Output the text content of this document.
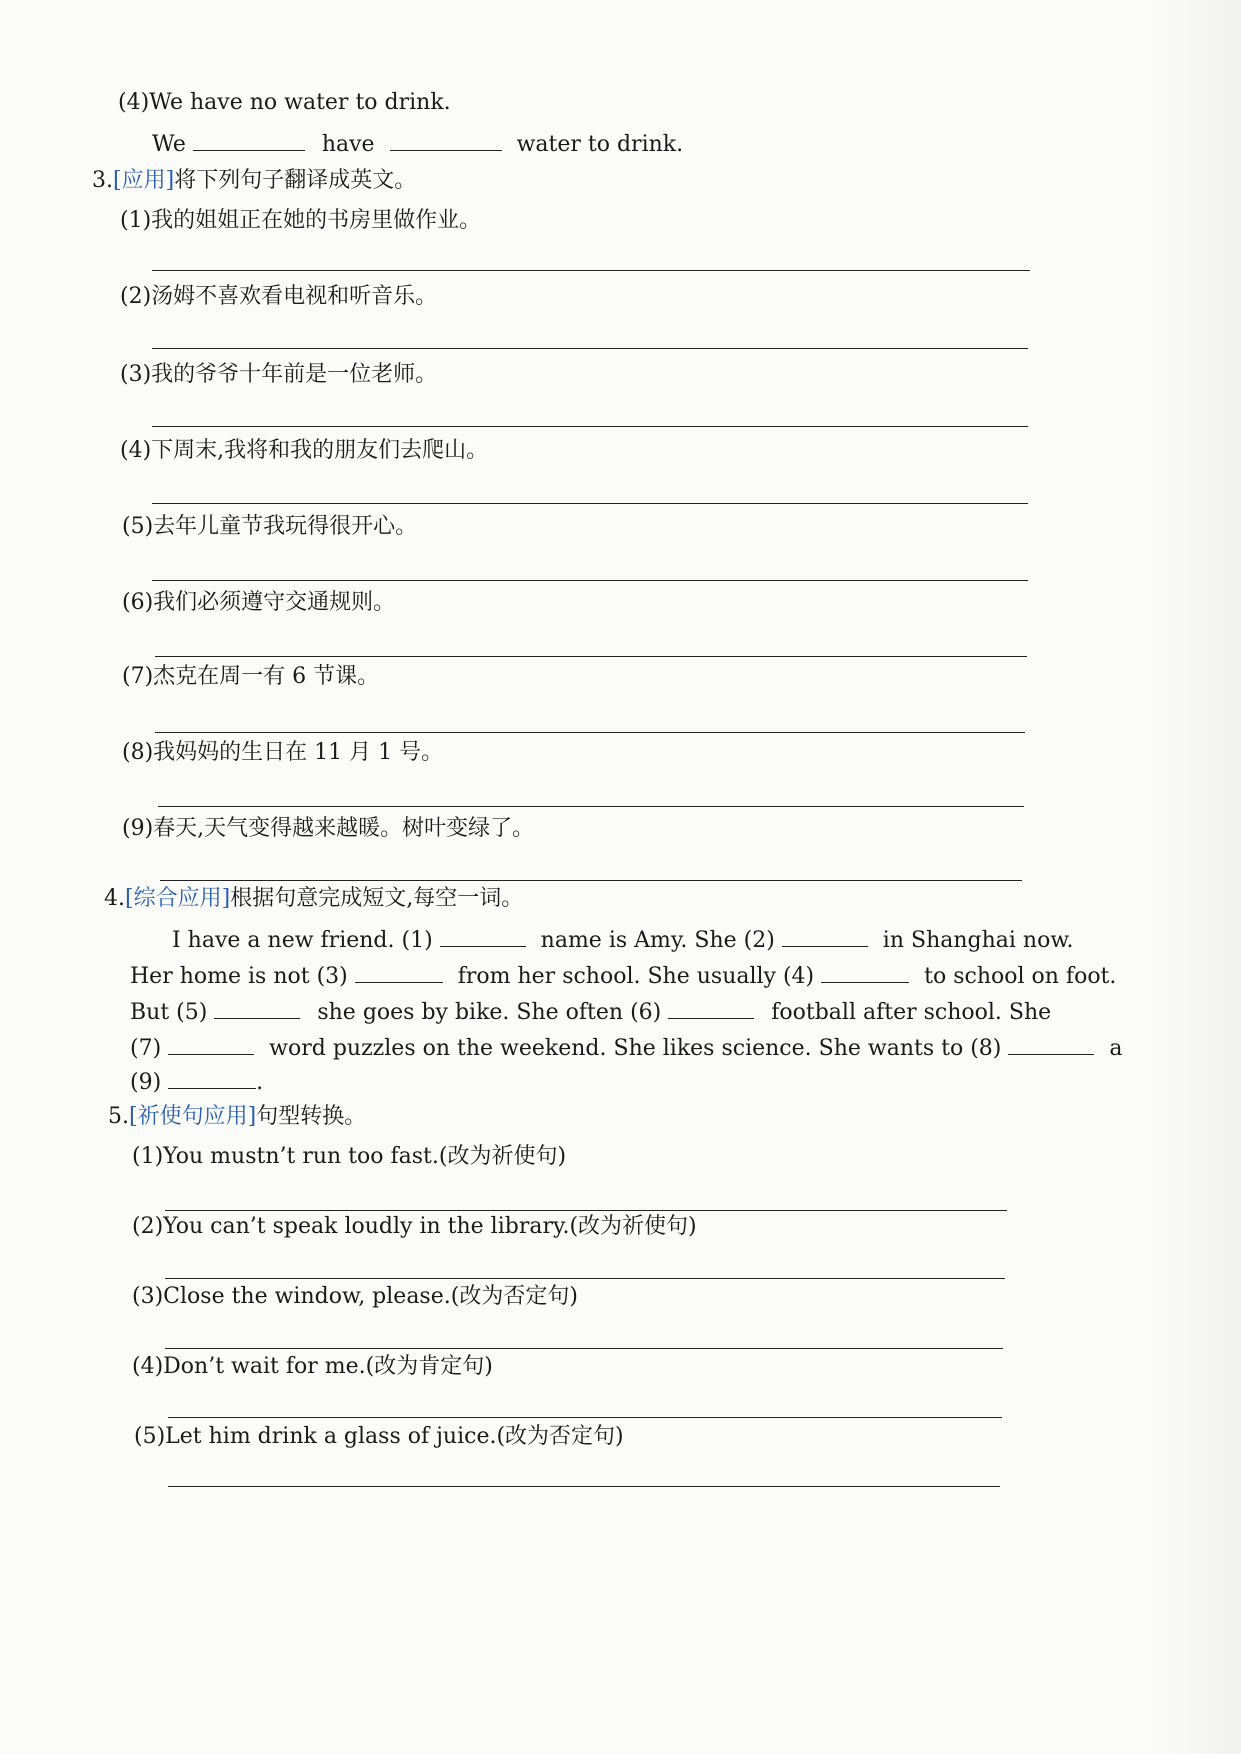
(4)We have no water to drink.
We	have	water to drink.
3.[应用]将下列句子翻译成英文。
(1)我的姐姐正在她的书房里做作业。
(2)汤姆不喜欢看电视和听音乐。
(3)我的爷爷十年前是一位老师。
(4)下周末,我将和我的朋友们去爬山。
(5)去年儿童节我玩得很开心。
(6)我们必须遵守交通规则。
(7)杰克在周一有 6 节课。
(8)我妈妈的生日在 11 月 1 号。
(9)春天,天气变得越来越暖。树叶变绿了。
4.[综合应用]根据句意完成短文,每空一词。
I have a new friend. (1)	name is Amy. She (2)	in Shanghai now.
Her home is not (3)	from her school. She usually (4)	to school on foot.
But (5)	she goes by bike. She often (6)	football after school. She
(7)	word puzzles on the weekend. She likes science. She wants to (8)	a
(9)	.
5.[祈使句应用]句型转换。
(1)You mustn’t run too fast.(改为祈使句)
(2)You can’t speak loudly in the library.(改为祈使句)
(3)Close the window, please.(改为否定句)
(4)Don’t wait for me.(改为肯定句)
(5)Let him drink a glass of juice.(改为否定句)
